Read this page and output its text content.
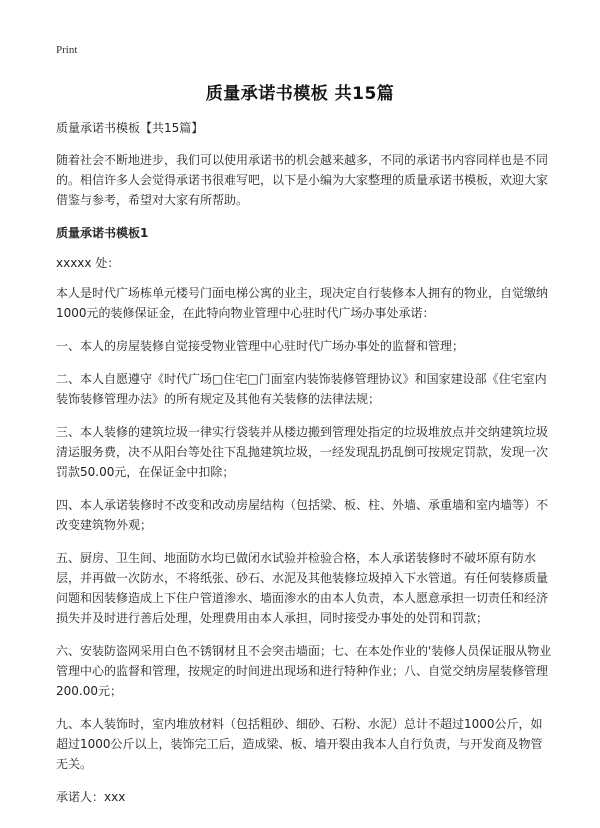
Print
质量承诺书模板 共15篇

质量承诺书模板【共15篇】

随着社会不断地进步，我们可以使用承诺书的机会越来越多，不同的承诺书内容同样也是不同的。相信许多人会觉得承诺书很难写吧，以下是小编为大家整理的质量承诺书模板，欢迎大家借鉴与参考，希望对大家有所帮助。

质量承诺书模板1

xxxxx 处：

本人是时代广场栋单元楼号门面电梯公寓的业主，现决定自行装修本人拥有的物业，自觉缴纳1000元的装修保证金，在此特向物业管理中心驻时代广场办事处承诺：

一、本人的房屋装修自觉接受物业管理中心驻时代广场办事处的监督和管理；

二、本人自愿遵守《时代广场□住宅□门面室内装饰装修管理协议》和国家建设部《住宅室内装饰装修管理办法》的所有规定及其他有关装修的法律法规；

三、本人装修的建筑垃圾一律实行袋装并从楼边搬到管理处指定的垃圾堆放点并交纳建筑垃圾清运服务费，决不从阳台等处往下乱抛建筑垃圾，一经发现乱扔乱倒可按规定罚款，发现一次罚款50.00元，在保证金中扣除；

四、本人承诺装修时不改变和改动房屋结构（包括梁、板、柱、外墙、承重墙和室内墙等）不改变建筑物外观；

五、厨房、卫生间、地面防水均已做闭水试验并检验合格，本人承诺装修时不破坏原有防水层，并再做一次防水，不将纸张、砂石、水泥及其他装修垃圾掉入下水管道。有任何装修质量问题和因装修造成上下住户管道渗水、墙面渗水的由本人负责，本人愿意承担一切责任和经济损失并及时进行善后处理，处理费用由本人承担，同时接受办事处的处罚和罚款；

六、安装防盗网采用白色不锈钢材且不会突击墙面；七、在本处作业的'装修人员保证服从物业管理中心的监督和管理，按规定的时间进出现场和进行特种作业；八、自觉交纳房屋装修管理200.00元；

九、本人装饰时，室内堆放材料（包括粗砂、细砂、石粉、水泥）总计不超过1000公斤，如超过1000公斤以上，装饰完工后，造成梁、板、墙开裂由我本人自行负责，与开发商及物管无关。

承诺人：xxx
